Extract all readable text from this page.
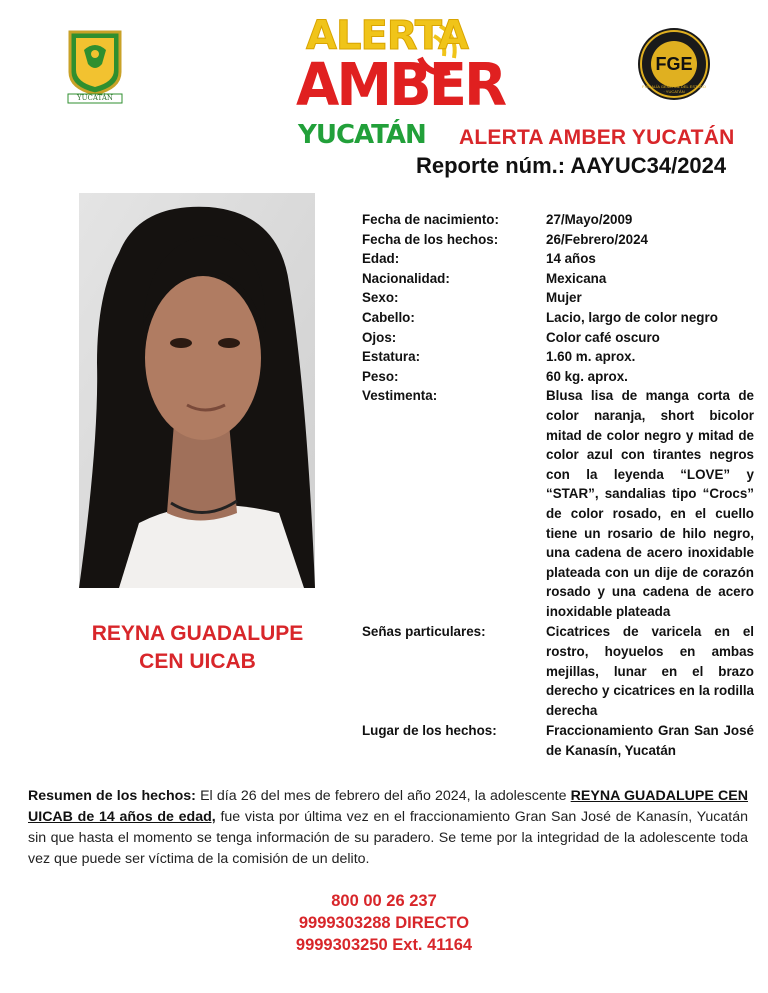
YUCATÁN
ALERTA
AMBER
YUCATÁN
FGE
FISCALÍA GENERAL DEL ESTADO · YUCATÁN
ALERTA AMBER YUCATÁN
Reporte núm.: AAYUC34/2024
REYNA GUADALUPE
CEN UICAB
Fecha de nacimiento:	27/Mayo/2009
Fecha de los hechos:	26/Febrero/2024
Edad:	14 años
Nacionalidad:	Mexicana
Sexo:	Mujer
Cabello:	Lacio, largo de color negro
Ojos:	Color café oscuro
Estatura:	1.60 m. aprox.
Peso:	60 kg. aprox.
Vestimenta:	Blusa lisa de manga corta de color naranja, short bicolor mitad de color negro y mitad de color azul con tirantes negros con la leyenda “LOVE” y “STAR”, sandalias tipo “Crocs” de color rosado, en el cuello tiene un rosario de hilo negro, una cadena de acero inoxidable plateada con un dije de corazón rosado y una cadena de acero inoxidable plateada
Señas particulares:	Cicatrices de varicela en el rostro, hoyuelos en ambas mejillas, lunar en el brazo derecho y cicatrices en la rodilla derecha
Lugar de los hechos:	Fraccionamiento Gran San José de Kanasín, Yucatán
Resumen de los hechos: El día 26 del mes de febrero del año 2024, la adolescente REYNA GUADALUPE CEN UICAB de 14 años de edad, fue vista por última vez en el fraccionamiento Gran San José de Kanasín, Yucatán sin que hasta el momento se tenga información de su paradero. Se teme por la integridad de la adolescente toda vez que puede ser víctima de la comisión de un delito.
800 00 26 237
9999303288 DIRECTO
9999303250 Ext. 41164
